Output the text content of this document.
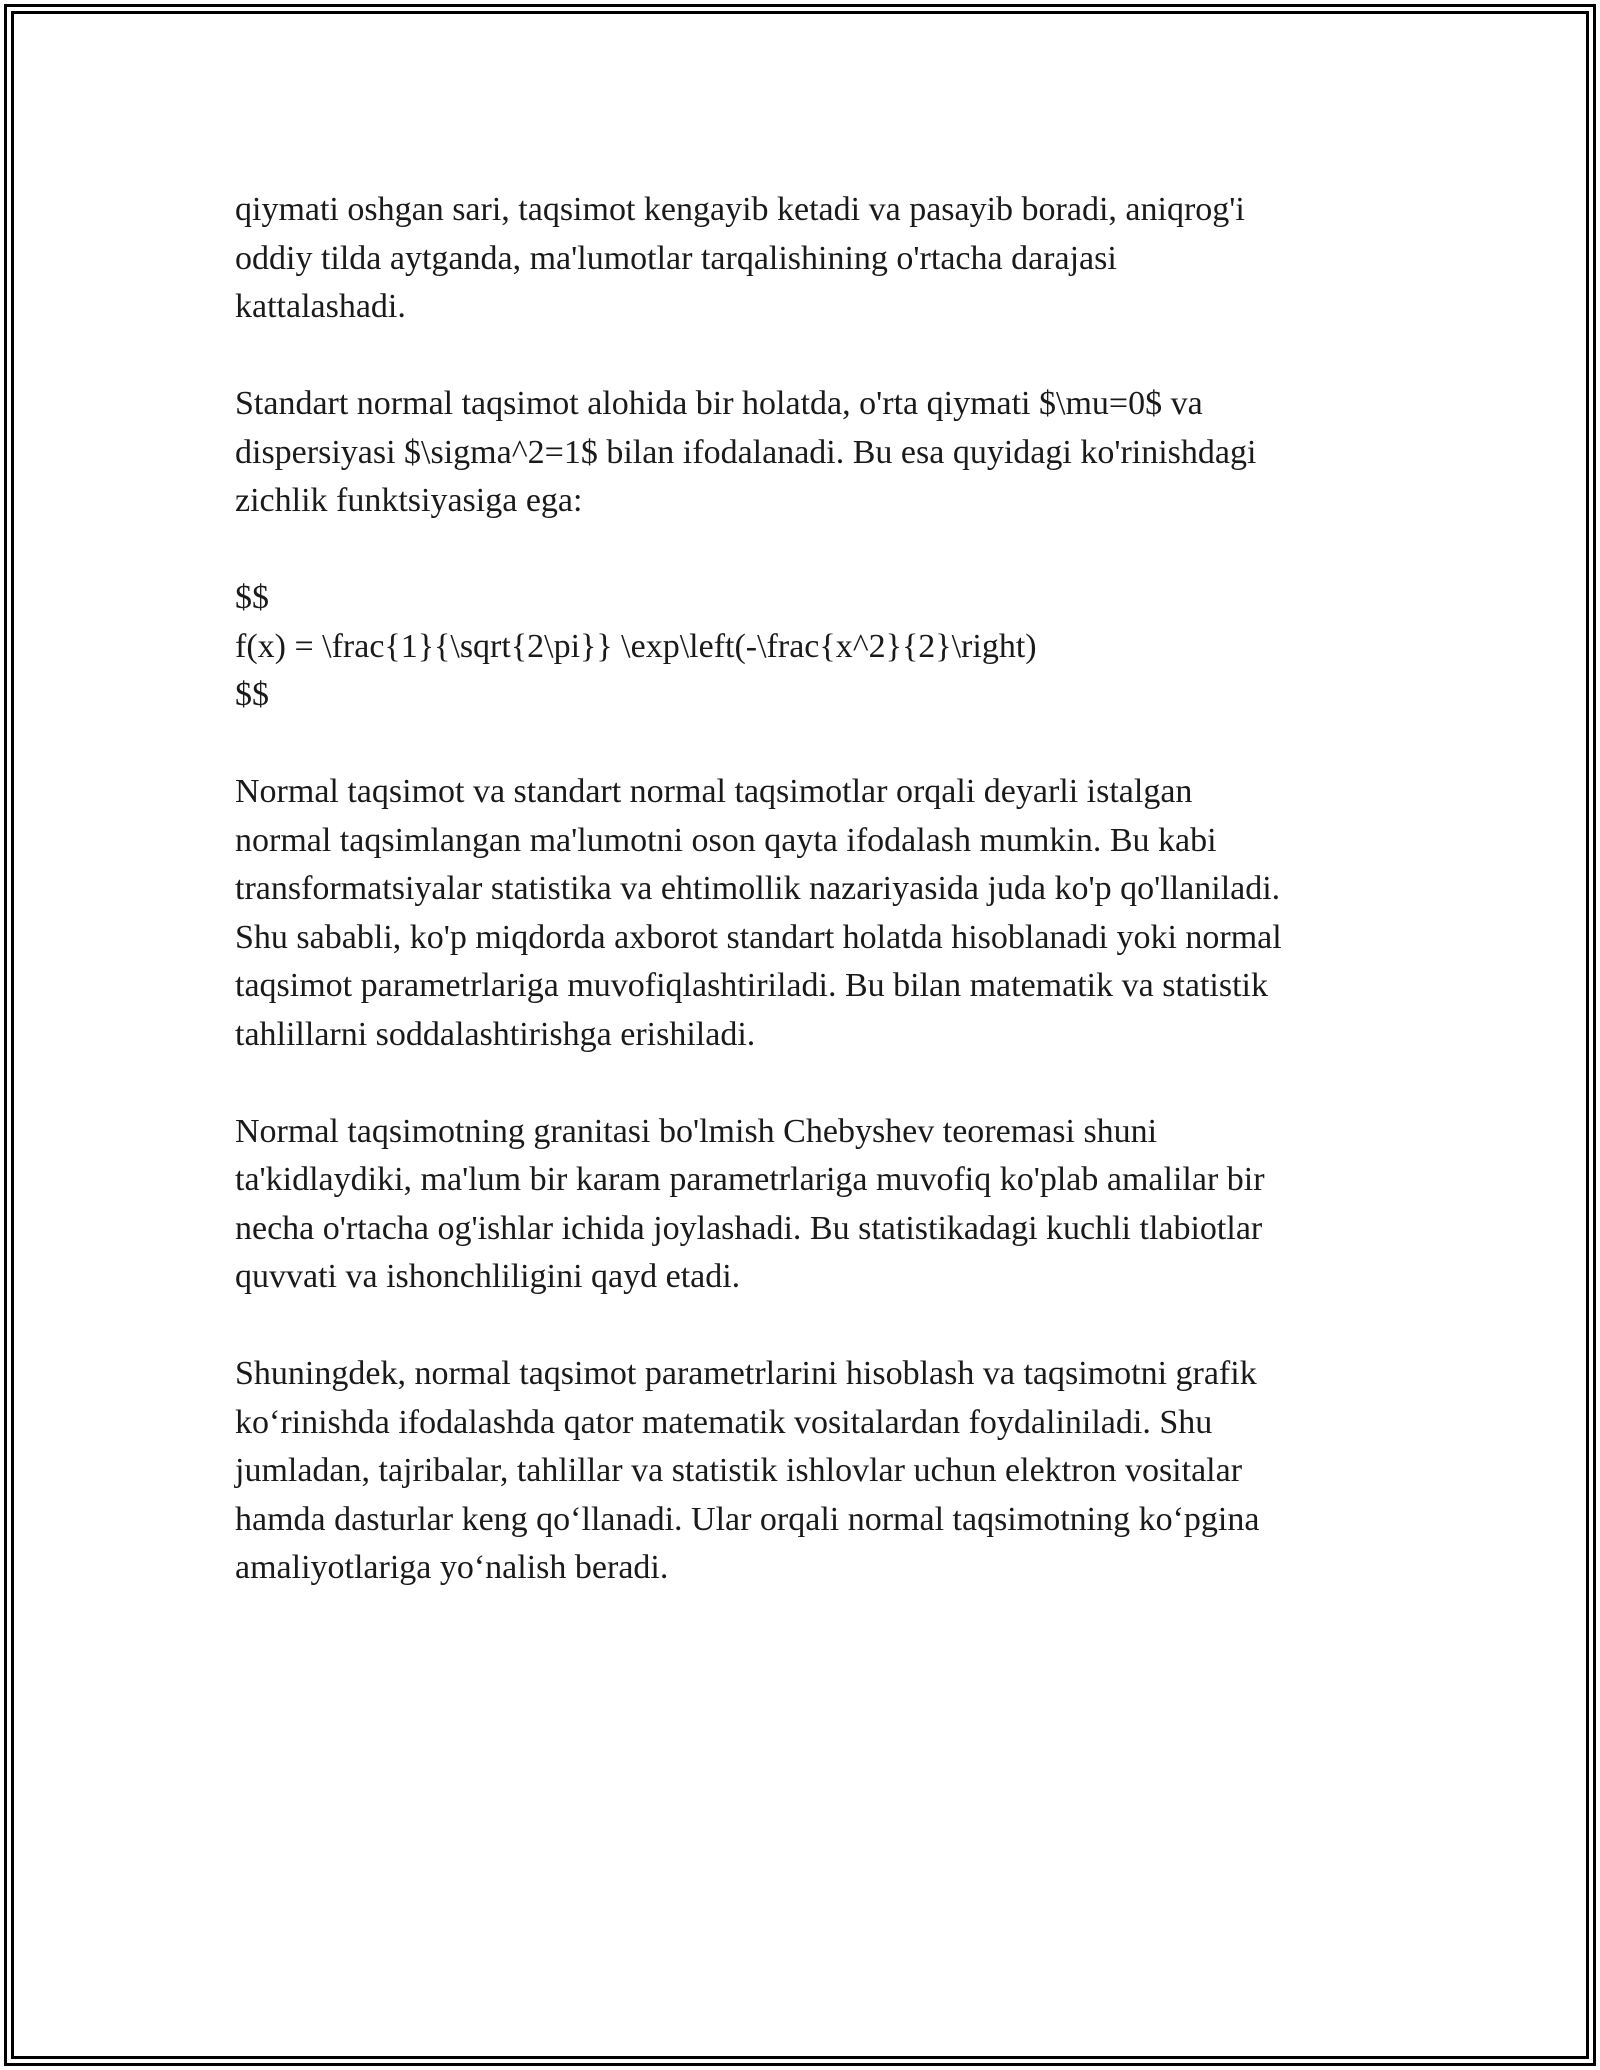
qiymati oshgan sari, taqsimot kengayib ketadi va pasayib boradi, aniqrog'i
oddiy tilda aytganda, ma'lumotlar tarqalishining o'rtacha darajasi
kattalashadi.

Standart normal taqsimot alohida bir holatda, o'rta qiymati $\mu=0$ va
dispersiyasi $\sigma^2=1$ bilan ifodalanadi. Bu esa quyidagi ko'rinishdagi
zichlik funktsiyasiga ega:

$$
f(x) = \frac{1}{\sqrt{2\pi}} \exp\left(-\frac{x^2}{2}\right)
$$

Normal taqsimot va standart normal taqsimotlar orqali deyarli istalgan
normal taqsimlangan ma'lumotni oson qayta ifodalash mumkin. Bu kabi
transformatsiyalar statistika va ehtimollik nazariyasida juda ko'p qo'llaniladi.
Shu sababli, ko'p miqdorda axborot standart holatda hisoblanadi yoki normal
taqsimot parametrlariga muvofiqlashtiriladi. Bu bilan matematik va statistik
tahlillarni soddalashtirishga erishiladi.

Normal taqsimotning granitasi bo'lmish Chebyshev teoremasi shuni
ta'kidlaydiki, ma'lum bir karam parametrlariga muvofiq ko'plab amalilar bir
necha o'rtacha og'ishlar ichida joylashadi. Bu statistikadagi kuchli tlabiotlar
quvvati va ishonchliligini qayd etadi.

Shuningdek, normal taqsimot parametrlarini hisoblash va taqsimotni grafik
ko‘rinishda ifodalashda qator matematik vositalardan foydaliniladi. Shu
jumladan, tajribalar, tahlillar va statistik ishlovlar uchun elektron vositalar
hamda dasturlar keng qo‘llanadi. Ular orqali normal taqsimotning ko‘pgina
amaliyotlariga yo‘nalish beradi.
